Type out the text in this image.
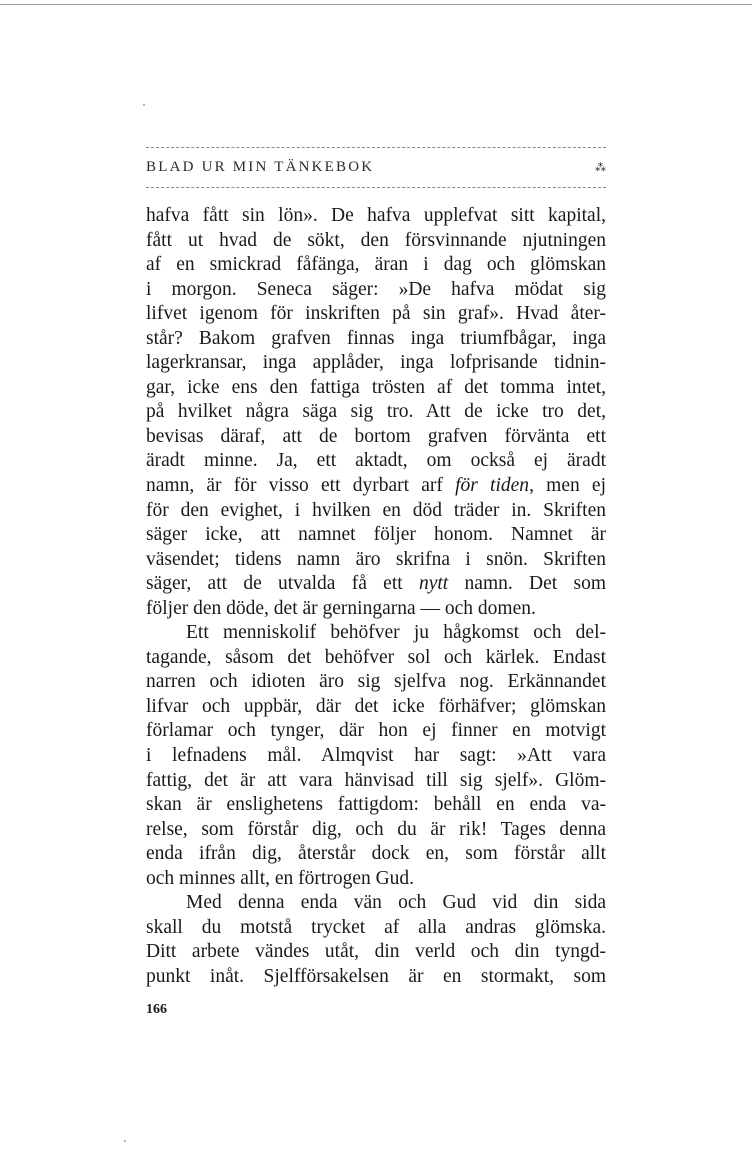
BLAD UR MIN TÄNKEBOK	⁂
hafva fått sin lön». De hafva upplefvat sitt kapital,
fått ut hvad de sökt, den försvinnande njutningen
af en smickrad fåfänga, äran i dag och glömskan
i morgon. Seneca säger: »De hafva mödat sig
lifvet igenom för inskriften på sin graf». Hvad åter-
står? Bakom grafven finnas inga triumfbågar, inga
lagerkransar, inga applåder, inga lofprisande tidnin-
gar, icke ens den fattiga trösten af det tomma intet,
på hvilket några säga sig tro. Att de icke tro det,
bevisas däraf, att de bortom grafven förvänta ett
äradt minne. Ja, ett aktadt, om också ej äradt
namn, är för visso ett dyrbart arf för tiden, men ej
för den evighet, i hvilken en död träder in. Skriften
säger icke, att namnet följer honom. Namnet är
väsendet; tidens namn äro skrifna i snön. Skriften
säger, att de utvalda få ett nytt namn. Det som
följer den döde, det är gerningarna — och domen.
Ett menniskolif behöfver ju hågkomst och del-
tagande, såsom det behöfver sol och kärlek. Endast
narren och idioten äro sig sjelfva nog. Erkännandet
lifvar och uppbär, där det icke förhäfver; glömskan
förlamar och tynger, där hon ej finner en motvigt
i lefnadens mål. Almqvist har sagt: »Att vara
fattig, det är att vara hänvisad till sig sjelf». Glöm-
skan är enslighetens fattigdom: behåll en enda va-
relse, som förstår dig, och du är rik! Tages denna
enda ifrån dig, återstår dock en, som förstår allt
och minnes allt, en förtrogen Gud.
Med denna enda vän och Gud vid din sida
skall du motstå trycket af alla andras glömska.
Ditt arbete vändes utåt, din verld och din tyngd-
punkt inåt. Sjelfförsakelsen är en stormakt, som
166
